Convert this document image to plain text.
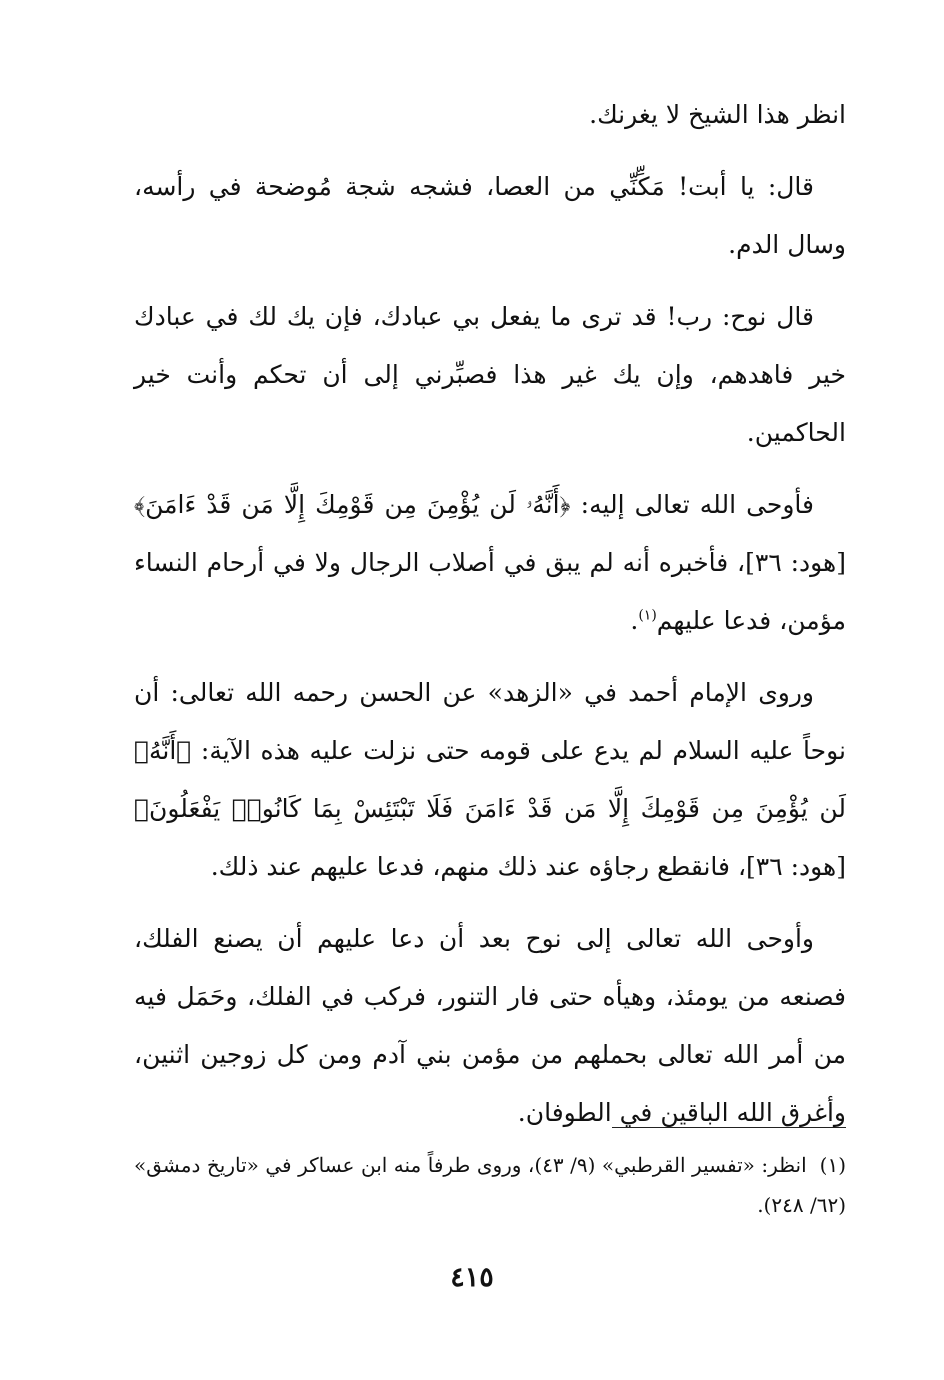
انظر هذا الشيخ لا يغرنك.

قال: يا أبت! مَكِّنِّي من العصا، فشجه شجة مُوضحة في رأسه، وسال الدم.

قال نوح: رب! قد ترى ما يفعل بي عبادك، فإن يك لك في عبادك خير فاهدهم، وإن يك غير هذا فصبِّرني إلى أن تحكم وأنت خير الحاكمين.

فأوحى الله تعالى إليه: ﴿أَنَّهُۥ لَن يُؤْمِنَ مِن قَوْمِكَ إِلَّا مَن قَدْ ءَامَنَ﴾[هود: ٣٦]، فأخبره أنه لم يبق في أصلاب الرجال ولا في أرحام النساء مؤمن، فدعا عليهم$^{(١)}$.

وروى الإمام أحمد في «الزهد» عن الحسن رحمه الله تعالى: أن نوحاً عليه السلام لم يدع على قومه حتى نزلت عليه هذه الآية: ﴿أَنَّهُۥ لَن يُؤْمِنَ مِن قَوْمِكَ إِلَّا مَن قَدْ ءَامَنَ فَلَا تَبْتَئِسْ بِمَا كَانُوا۟ يَفْعَلُونَ﴾[هود: ٣٦]، فانقطع رجاؤه عند ذلك منهم، فدعا عليهم عند ذلك.

وأوحى الله تعالى إلى نوح بعد أن دعا عليهم أن يصنع الفلك، فصنعه من يومئذ، وهيأه حتى فار التنور، فركب في الفلك، وحَمَل فيه من أمر الله تعالى بحملهم من مؤمن بني آدم ومن كل زوجين اثنين، وأغرق الله الباقين في الطوفان.

(١)  انظر: «تفسير القرطبي» (٩/ ٤٣)، وروى طرفاً منه ابن عساكر في «تاريخ دمشق» (٦٢/ ٢٤٨).

٤١٥
